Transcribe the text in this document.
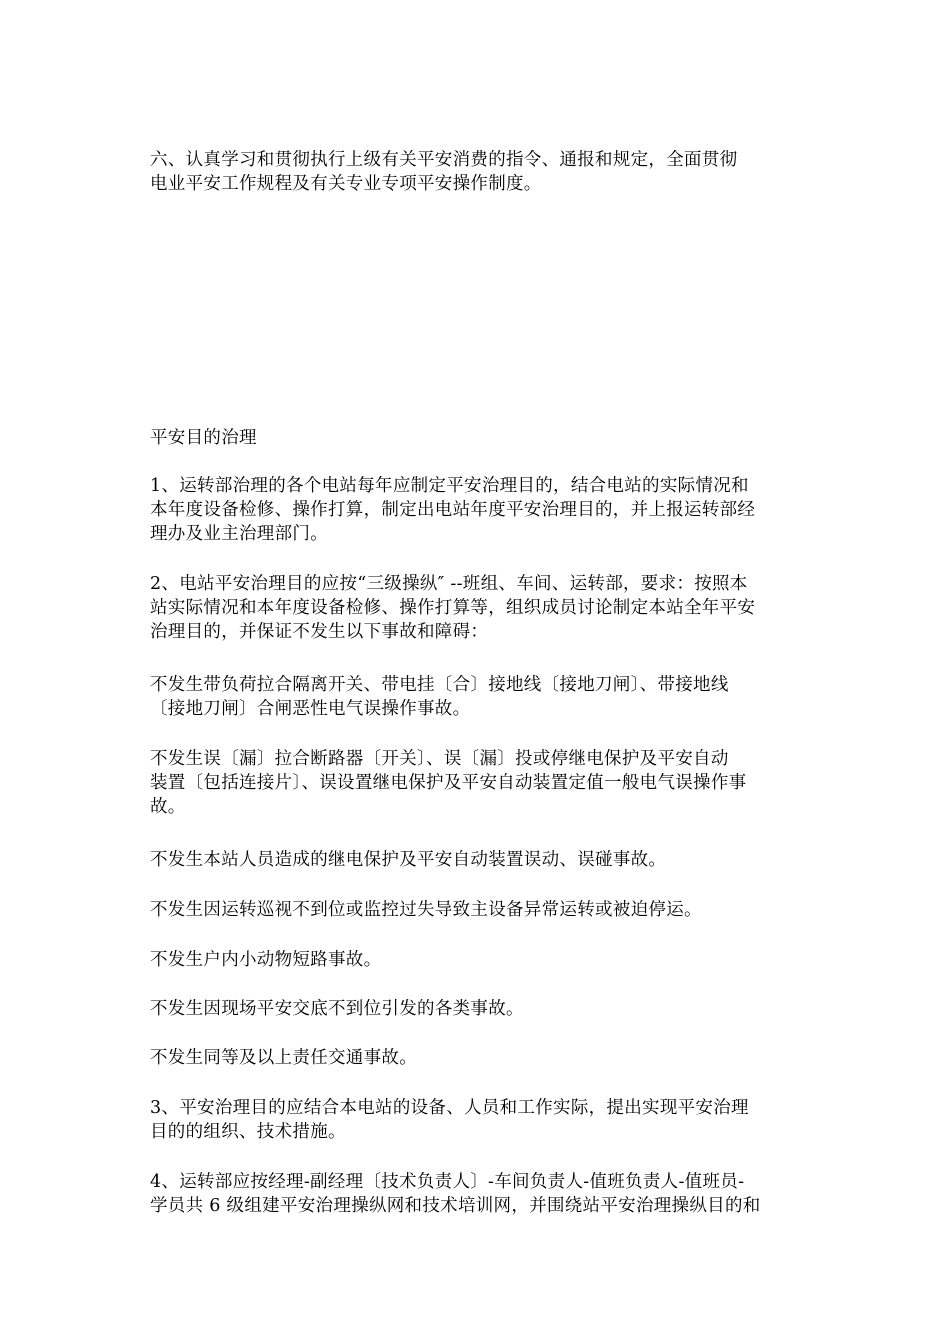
六、认真学习和贯彻执行上级有关平安消费的指令、通报和规定，全面贯彻
电业平安工作规程及有关专业专项平安操作制度。

平安目的治理

1、运转部治理的各个电站每年应制定平安治理目的，结合电站的实际情况和
本年度设备检修、操作打算，制定出电站年度平安治理目的，并上报运转部经
理办及业主治理部门。

2、电站平安治理目的应按“三级操纵″ --班组、车间、运转部，要求：按照本
站实际情况和本年度设备检修、操作打算等，组织成员讨论制定本站全年平安
治理目的，并保证不发生以下事故和障碍：

不发生带负荷拉合隔离开关、带电挂〔合〕接地线〔接地刀闸〕、带接地线
〔接地刀闸〕合闸恶性电气误操作事故。

不发生误〔漏〕拉合断路器〔开关〕、误〔漏〕投或停继电保护及平安自动
装置〔包括连接片〕、误设置继电保护及平安自动装置定值一般电气误操作事
故。

不发生本站人员造成的继电保护及平安自动装置误动、误碰事故。

不发生因运转巡视不到位或监控过失导致主设备异常运转或被迫停运。

不发生户内小动物短路事故。

不发生因现场平安交底不到位引发的各类事故。

不发生同等及以上责任交通事故。

3、平安治理目的应结合本电站的设备、人员和工作实际，提出实现平安治理
目的的组织、技术措施。

4、运转部应按经理-副经理〔技术负责人〕-车间负责人-值班负责人-值班员-
学员共 6 级组建平安治理操纵网和技术培训网，并围绕站平安治理操纵目的和
